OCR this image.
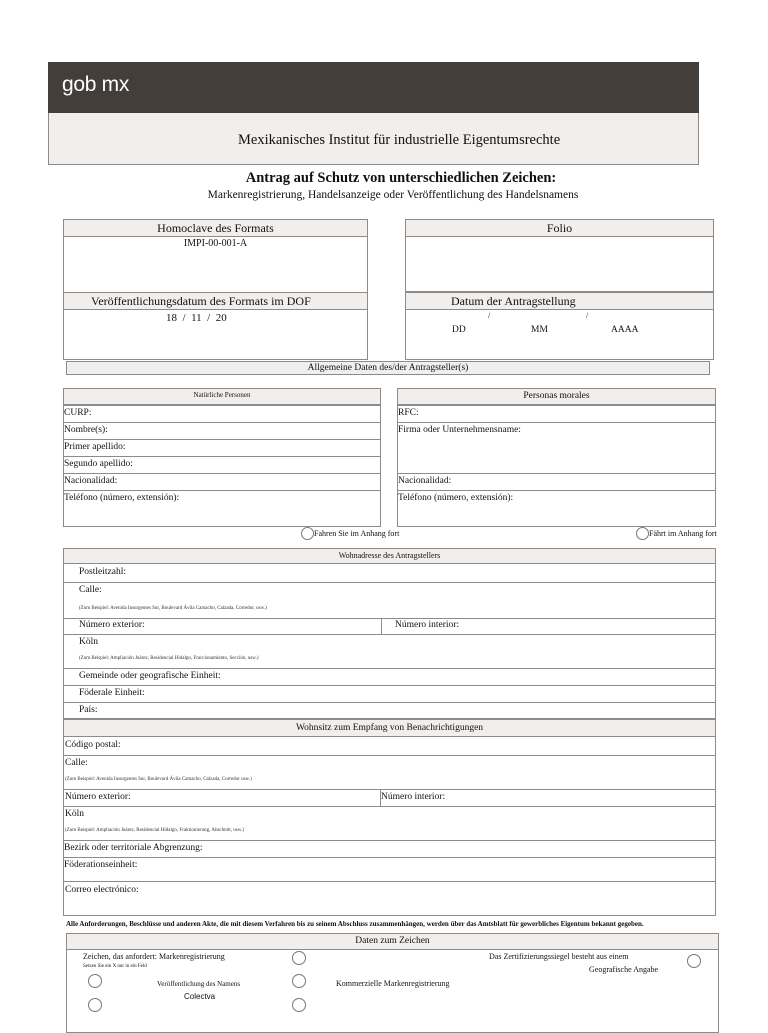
gob mx
Mexikanisches Institut für industrielle Eigentumsrechte
Antrag auf Schutz von unterschiedlichen Zeichen:
Markenregistrierung, Handelsanzeige oder Veröffentlichung des Handelsnamens
Homoclave des Formats
IMPI-00-001-A
Veröffentlichungsdatum des Formats im DOF
18 / 11 / 20
Folio
Datum der Antragstellung
/	/
DD	MM	AAAA
Allgemeine Daten des/der Antragsteller(s)
Natürliche Personen
CURP:
Nombre(s):
Primer apellido:
Segundo apellido:
Nacionalidad:
Teléfono (número, extensión):
Fahren Sie im Anhang fort
Personas morales
RFC:
Firma oder Unternehmensname:
Nacionalidad:
Teléfono (número, extensión):
Fährt im Anhang fort
Wohnadresse des Antragstellers
Postleitzahl:
Calle:
(Zum Beispiel: Avenida Insurgentes Sur, Boulevard Ávila Camacho, Calzada, Corredor, usw.)
Número exterior:	Número interior:
Köln
(Zum Beispiel: Ampliación Juárez, Residencial Hidalgo, Fraccionamiento, Sección, usw.)
Gemeinde oder geografische Einheit:
Föderale Einheit:
País:
Wohnsitz zum Empfang von Benachrichtigungen
Código postal:
Calle:
(Zum Beispiel: Avenida Insurgentes Sur, Boulevard Ávila Camacho, Calzada, Corredor usw.)
Número exterior:	Número interior:
Köln
(Zum Beispiel: Ampliación Juárez, Residencial Hidalgo, Fraktionierung, Abschnitt, usw.)
Bezirk oder territoriale Abgrenzung:
Föderationseinheit:
Correo electrónico:
Alle Anforderungen, Beschlüsse und anderen Akte, die mit diesem Verfahren bis zu seinem Abschluss zusammenhängen, werden über das Amtsblatt für gewerbliches Eigentum bekannt gegeben.
Daten zum Zeichen
Zeichen, das anfordert: Markenregistrierung
Setzen Sie ein X nur in ein Feld
Das Zertifizierungssiegel besteht aus einem
Geografische Angabe
Veröffentlichung des Namens	Kommerzielle Markenregistrierung
Colectva
